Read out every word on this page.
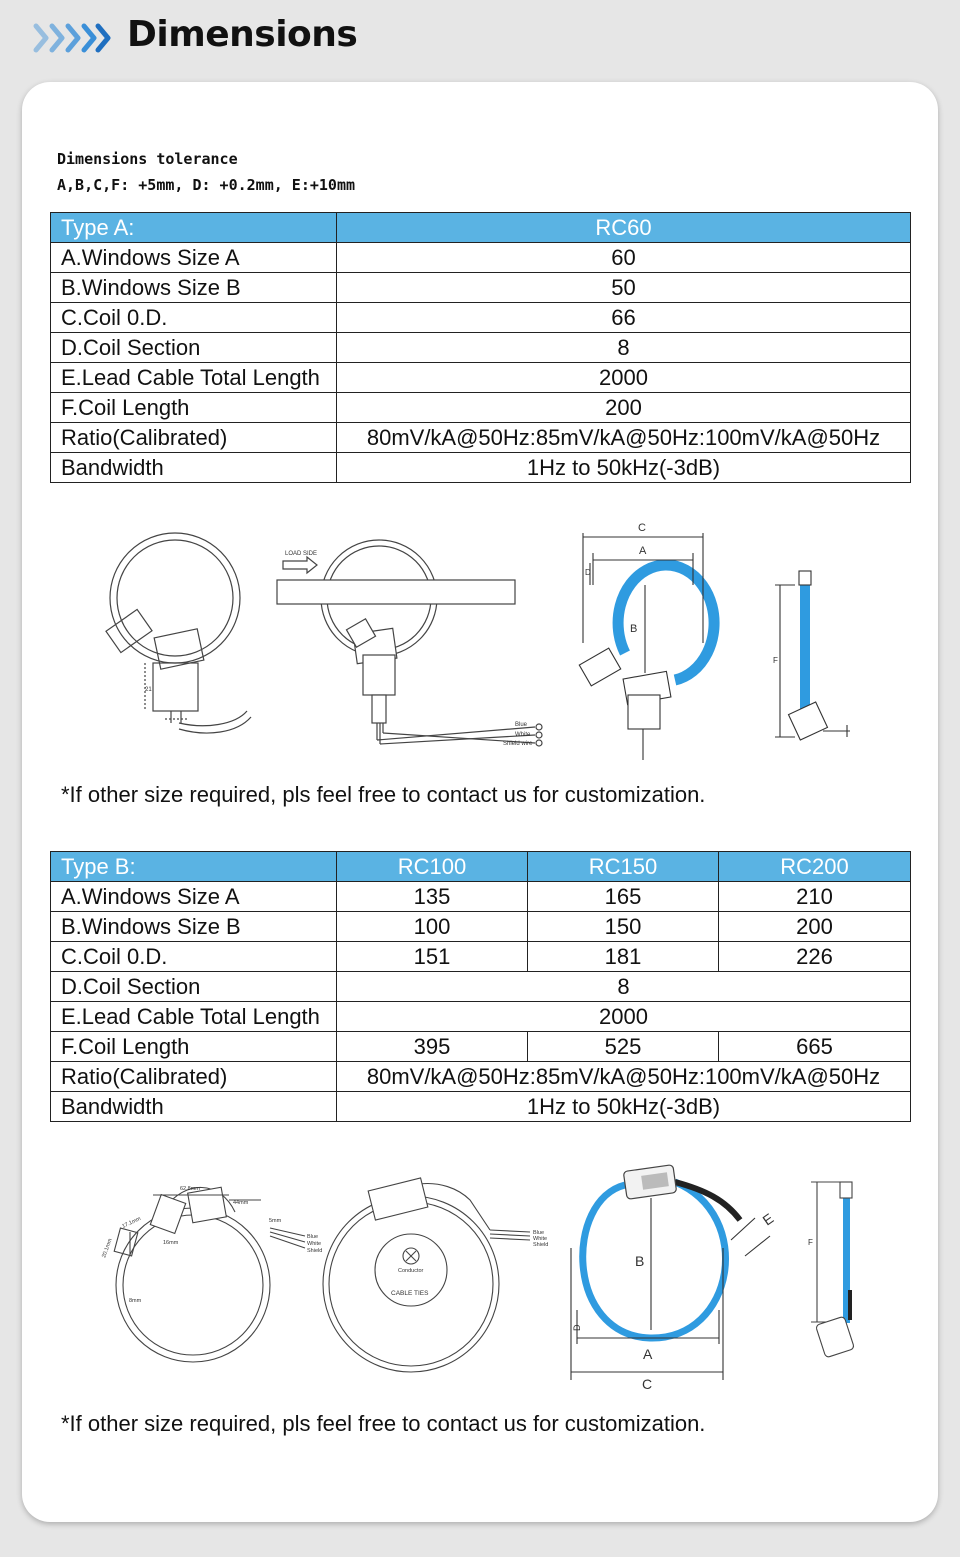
Dimensions
Dimensions tolerance
A,B,C,F: +5mm, D: +0.2mm, E:+10mm
Type A:	RC60
A.Windows Size A	60
B.Windows Size B	50
C.Coil 0.D.	66
D.Coil Section	8
E.Lead Cable Total Length	2000
F.Coil Length	200
Ratio(Calibrated)	80mV/kA@50Hz:85mV/kA@50Hz:100mV/kA@50Hz
Bandwidth	1Hz to 50kHz(-3dB)
LOAD SIDE
21
Blue
White
Shield wire
C
A
B
D
F
*If other size required, pls feel free to contact us for customization.
Type B:	RC100	RC150	RC200
A.Windows Size A	135	165	210
B.Windows Size B	100	150	200
C.Coil 0.D.	151	181	226
D.Coil Section	8		
E.Lead Cable Total Length	2000		
F.Coil Length	395	525	665
Ratio(Calibrated)	80mV/kA@50Hz:85mV/kA@50Hz:100mV/kA@50Hz		
Bandwidth	1Hz to 50kHz(-3dB)		
62.8mm
44mm
5mm
17.1mm
20.1mm	16mm
8mm
Blue
White
Shield
Conductor
CABLE TIES
Blue
White
Shield
B
A
C
E
D
F
*If other size required, pls feel free to contact us for customization.
